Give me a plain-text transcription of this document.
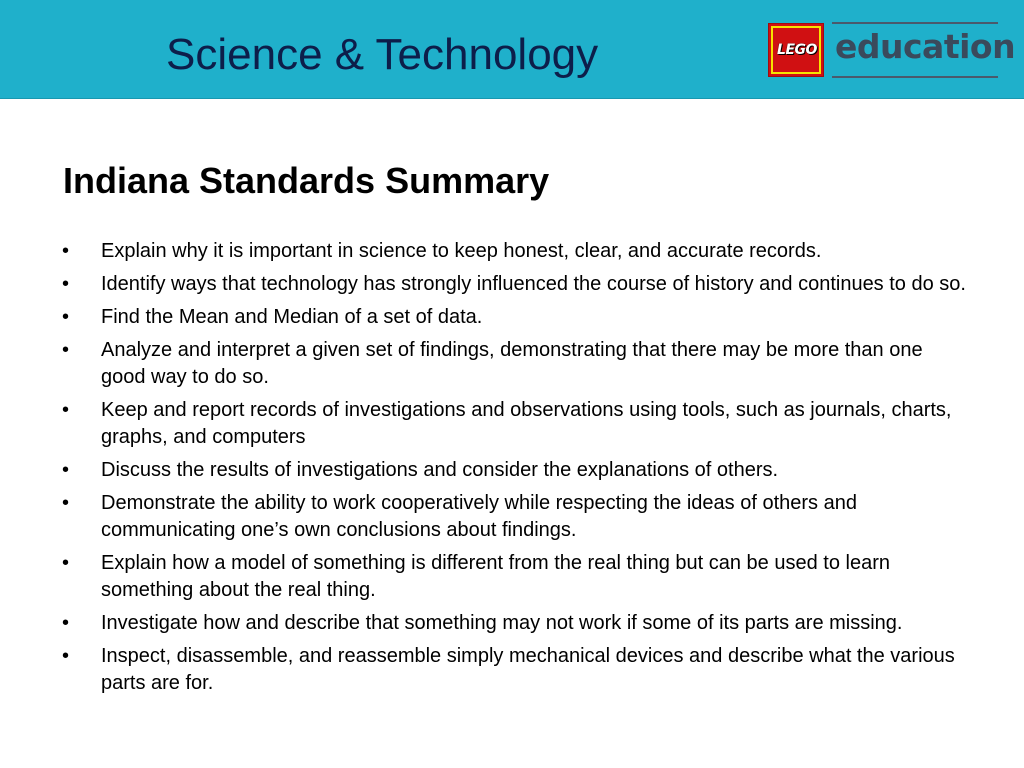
Science & Technology	LEGO education
Indiana Standards Summary
• Explain why it is important in science to keep honest, clear, and accurate records.
• Identify ways that technology has strongly influenced the course of history and continues to do so.
• Find the Mean and Median of a set of data.
• Analyze and interpret a given set of findings, demonstrating that there may be more than one good way to do so.
• Keep and report records of investigations and observations using tools, such as journals, charts, graphs, and computers
• Discuss the results of investigations and consider the explanations of others.
• Demonstrate the ability to work cooperatively while respecting the ideas of others and communicating one’s own conclusions about findings.
• Explain how a model of something is different from the real thing but can be used to learn something about the real thing.
• Investigate how and describe that something may not work if some of its parts are missing.
• Inspect, disassemble, and reassemble simply mechanical devices and describe what the various parts are for.
